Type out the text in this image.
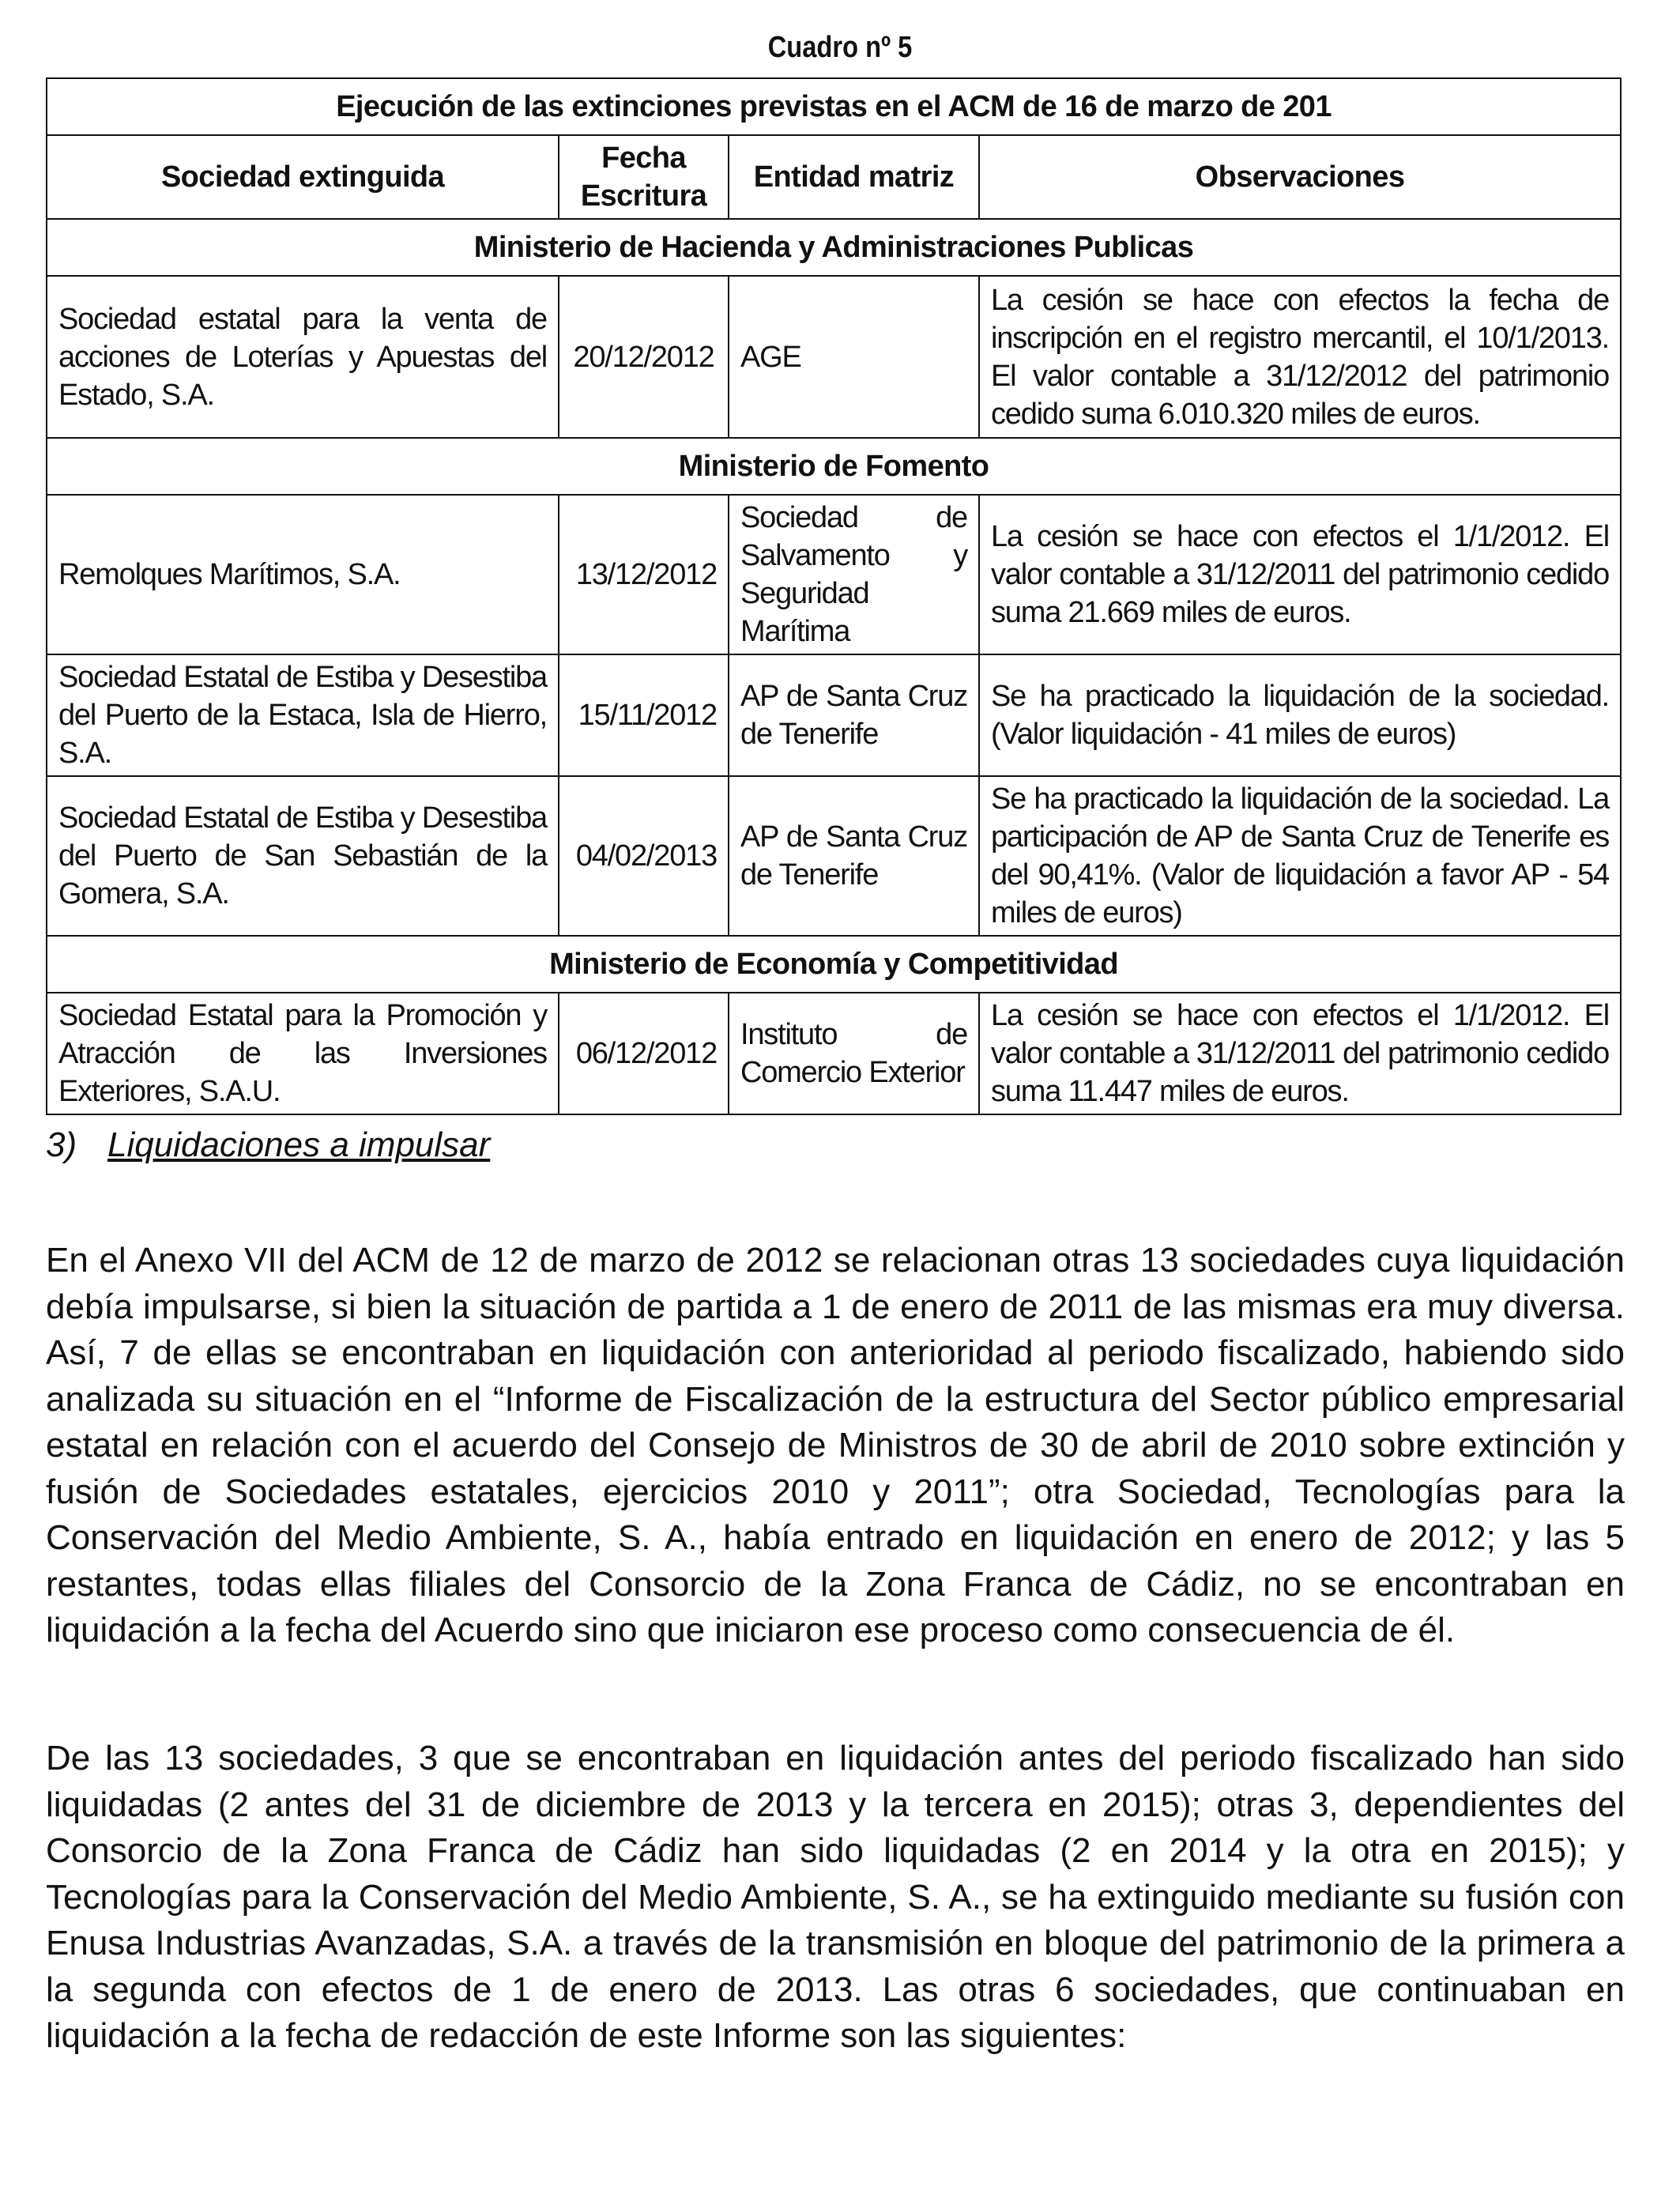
Cuadro nº 5
Ejecución de las extinciones previstas en el ACM de 16 de marzo de 201			

Sociedad extinguida	Fecha Escritura	Entidad matriz	Observaciones

Ministerio de Hacienda y Administraciones Publicas			

Sociedad estatal para la venta de acciones de Loterías y Apuestas del Estado, S.A.	20/12/2012	AGE	La cesión se hace con efectos la fecha de inscripción en el registro mercantil, el 10/1/2013. El valor contable a 31/12/2012 del patrimonio cedido suma 6.010.320 miles de euros.

Ministerio de Fomento			

Remolques Marítimos, S.A.	13/12/2012	Sociedad de Salvamento y Seguridad Marítima	La cesión se hace con efectos el 1/1/2012. El valor contable a 31/12/2011 del patrimonio cedido suma 21.669 miles de euros.

Sociedad Estatal de Estiba y Desestiba del Puerto de la Estaca, Isla de Hierro, S.A.	15/11/2012	AP de Santa Cruz de Tenerife	Se ha practicado la liquidación de la sociedad. (Valor liquidación - 41 miles de euros)

Sociedad Estatal de Estiba y Desestiba del Puerto de San Sebastián de la Gomera, S.A.	04/02/2013	AP de Santa Cruz de Tenerife	Se ha practicado la liquidación de la sociedad. La participación de AP de Santa Cruz de Tenerife es del 90,41%. (Valor de liquidación a favor AP - 54 miles de euros)

Ministerio de Economía y Competitividad			

Sociedad Estatal para la Promoción y Atracción de las Inversiones Exteriores, S.A.U.	06/12/2012	Instituto de Comercio Exterior	La cesión se hace con efectos el 1/1/2012. El valor contable a 31/12/2011 del patrimonio cedido suma 11.447 miles de euros.
3) Liquidaciones a impulsar

En el Anexo VII del ACM de 12 de marzo de 2012 se relacionan otras 13 sociedades cuya liquidación debía impulsarse, si bien la situación de partida a 1 de enero de 2011 de las mismas era muy diversa. Así, 7 de ellas se encontraban en liquidación con anterioridad al periodo fiscalizado, habiendo sido analizada su situación en el “Informe de Fiscalización de la estructura del Sector público empresarial estatal en relación con el acuerdo del Consejo de Ministros de 30 de abril de 2010 sobre extinción y fusión de Sociedades estatales, ejercicios 2010 y 2011”; otra Sociedad, Tecnologías para la Conservación del Medio Ambiente, S. A., había entrado en liquidación en enero de 2012; y las 5 restantes, todas ellas filiales del Consorcio de la Zona Franca de Cádiz, no se encontraban en liquidación a la fecha del Acuerdo sino que iniciaron ese proceso como consecuencia de él.

De las 13 sociedades, 3 que se encontraban en liquidación antes del periodo fiscalizado han sido liquidadas (2 antes del 31 de diciembre de 2013 y la tercera en 2015); otras 3, dependientes del Consorcio de la Zona Franca de Cádiz han sido liquidadas (2 en 2014 y la otra en 2015); y Tecnologías para la Conservación del Medio Ambiente, S. A., se ha extinguido mediante su fusión con Enusa Industrias Avanzadas, S.A. a través de la transmisión en bloque del patrimonio de la primera a la segunda con efectos de 1 de enero de 2013. Las otras 6 sociedades, que continuaban en liquidación a la fecha de redacción de este Informe son las siguientes:
